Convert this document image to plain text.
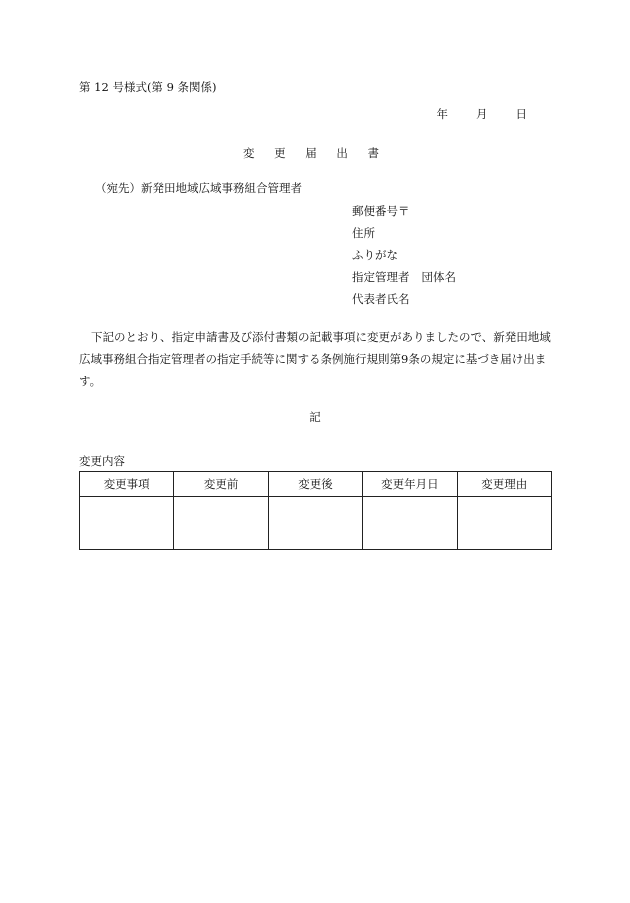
第 12 号様式(第 9 条関係)
年 月 日
変 更 届 出 書
（宛先）新発田地域広域事務組合管理者
郵便番号〒
住所
ふりがな
指定管理者 団体名
代表者氏名
下記のとおり、指定申請書及び添付書類の記載事項に変更がありましたので、新発田地域広域事務組合指定管理者の指定手続等に関する条例施行規則第9条の規定に基づき届け出ます。
記
変更内容
変更事項	変更前	変更後	変更年月日	変更理由
